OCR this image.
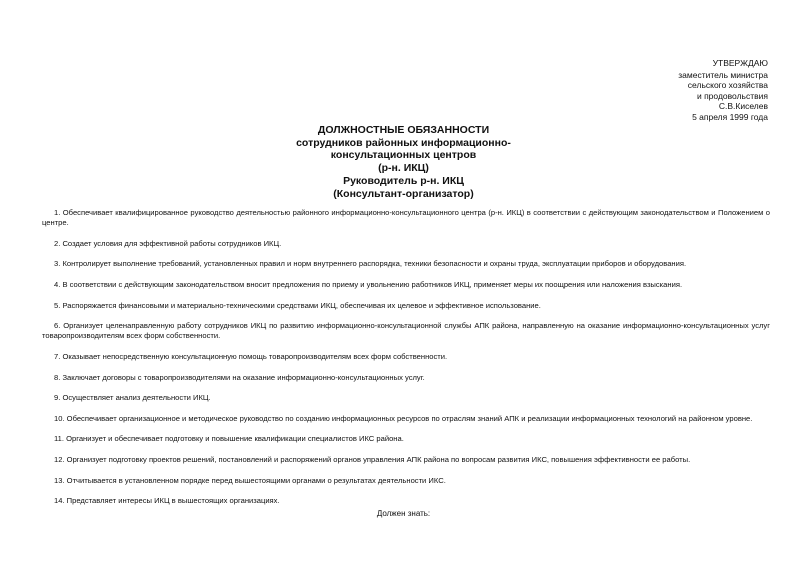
УТВЕРЖДАЮ
заместитель министра
сельского хозяйства
и продовольствия
С.В.Киселев
5 апреля 1999 года
ДОЛЖНОСТНЫЕ ОБЯЗАННОСТИ
сотрудников районных информационно-
консультационных центров
(р-н. ИКЦ)
Руководитель р-н. ИКЦ
(Консультант-организатор)

1. Обеспечивает квалифицированное руководство деятельностью районного информационно-консультационного центра (р-н. ИКЦ) в соответствии с действующим законодательством и Положением о центре.

2. Создает условия для эффективной работы сотрудников ИКЦ.

3. Контролирует выполнение требований, установленных правил и норм внутреннего распорядка, техники безопасности и охраны труда, эксплуатации приборов и оборудования.

4. В соответствии с действующим законодательством вносит предложения по приему и увольнению работников ИКЦ, применяет меры их поощрения или наложения взыскания.

5. Распоряжается финансовыми и материально-техническими средствами ИКЦ, обеспечивая их целевое и эффективное использование.

6. Организует целенаправленную работу сотрудников ИКЦ по развитию информационно-консультационной службы АПК района, направленную на оказание информационно-консультационных услуг товаропроизводителям всех форм собственности.

7. Оказывает непосредственную консультационную помощь товаропроизводителям всех форм собственности.

8. Заключает договоры с товаропроизводителями на оказание информационно-консультационных услуг.

9. Осуществляет анализ деятельности ИКЦ.

10. Обеспечивает организационное и методическое руководство по созданию информационных ресурсов по отраслям знаний АПК и реализации информационных технологий на районном уровне.

11. Организует и обеспечивает подготовку и повышение квалификации специалистов ИКС района.

12. Организует подготовку проектов решений, постановлений и распоряжений органов управления АПК района по вопросам развития ИКС, повышения эффективности ее работы.

13. Отчитывается в установленном порядке перед вышестоящими органами о результатах деятельности ИКС.

14. Представляет интересы ИКЦ в вышестоящих организациях.

Должен знать:
